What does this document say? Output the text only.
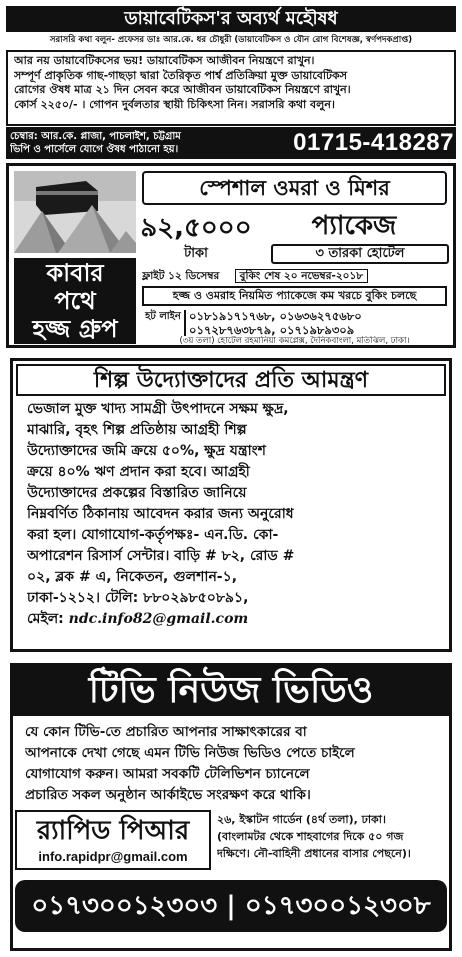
ডায়াবেটিকস'র অব্যর্থ মহৌষধ
সরাসরি কথা বলুন- প্রফেসর ডাঃ আর.কে. ধর চৌধুরী (ডায়াবেটিকস ও যৌন রোগ বিশেষজ্ঞ, স্বর্ণপদকপ্রাপ্ত)
আর নয় ডায়াবেটিকসের ভয়! ডায়াবেটিকস আজীবন নিয়ন্ত্রণে রাখুন।
সম্পূর্ণ প্রাকৃতিক গাছ-গাছড়া দ্বারা তৈরিকৃত পার্শ্ব প্রতিক্রিয়া মুক্ত ডায়াবেটিকস
রোগের ঔষধ মাত্র ২১ দিন সেবন করে আজীবন ডায়াবেটিকস নিয়ন্ত্রণে রাখুন।
কোর্স ২২৫০/- । গোপন দুর্বলতার স্থায়ী চিকিৎসা নিন। সরাসরি কথা বলুন।
চেম্বার: আর.কে. প্লাজা, পাচলাইশ, চট্টগ্রাম
ভিপি ও পার্সেলে যোগে ঔষধ পাঠানো হয়।	01715-418287
স্পেশাল ওমরা ও মিশর
৯২,৫০০০
টাকা
প্যাকেজ
৩ তারকা হোটেল
কাবার
পথে
হজ্জ গ্রুপ
ফ্লাইট ১২ ডিসেম্বর বুকিং শেষ ২০ নভেম্বর-২০১৮
হজ্জ ও ওমরাহ নিয়মিত প্যাকেজে কম খরচে বুকিং চলছে
হট লাইন ০১৮১৯১৭১৭৬৮, ০১৬৩৬২৭৫৬৮০
০১৭২৮৭৬৩৮৭৯, ০১৭১৯৮৯৩০৯
(৩য় তলা) হোটেল রহমানিয়া কমপ্লেক্স, দৈনিকবাংলা, মতিঝিল, ঢাকা।
শিল্প উদ্যোক্তাদের প্রতি আমন্ত্রণ
ভেজাল মুক্ত খাদ্য সামগ্রী উৎপাদনে সক্ষম ক্ষুদ্র,
মাঝারি, বৃহৎ শিল্প প্রতিষ্ঠায় আগ্রহী শিল্প
উদ্যোক্তাদের জমি ক্রয়ে ৫০%, ক্ষুদ্র যন্ত্রাংশ
ক্রয়ে ৪০% ঋণ প্রদান করা হবে। আগ্রহী
উদ্যোক্তাদের প্রকল্পের বিস্তারিত জানিয়ে
নিম্নবর্ণিত ঠিকানায় আবেদন করার জন্য অনুরোধ
করা হল। যোগাযোগ-কর্তৃপক্ষঃ- এন.ডি. কো-
অপারেশন রিসার্স সেন্টার। বাড়ি # ৮২, রোড #
০২, ব্লক # এ, নিকেতন, গুলশান-১,
ঢাকা-১২১২। টেলি: ৮৮০২৯৮৫০৮৯১,
মেইল: ndc.info82@gmail.com
টিভি নিউজ ভিডিও
যে কোন টিভি-তে প্রচারিত আপনার সাক্ষাৎকারের বা
আপনাকে দেখা গেছে এমন টিভি নিউজ ভিডিও পেতে চাইলে
যোগাযোগ করুন। আমরা সবকটি টেলিভিশন চ্যানেলে
প্রচারিত সকল অনুষ্ঠান আর্কাইভে সংরক্ষণ করে থাকি।
র‌্যাপিড পিআর
info.rapidpr@gmail.com
২৬, ইস্কাটন গার্ডেন (৪র্থ তলা), ঢাকা।
(বাংলামটর থেকে শাহবাগের দিকে ৫০ গজ
দক্ষিণে। নৌ-বাহিনী প্রধানের বাসার পেছনে)।
০১৭৩০০১২৩০৩ | ০১৭৩০০১২৩০৮
